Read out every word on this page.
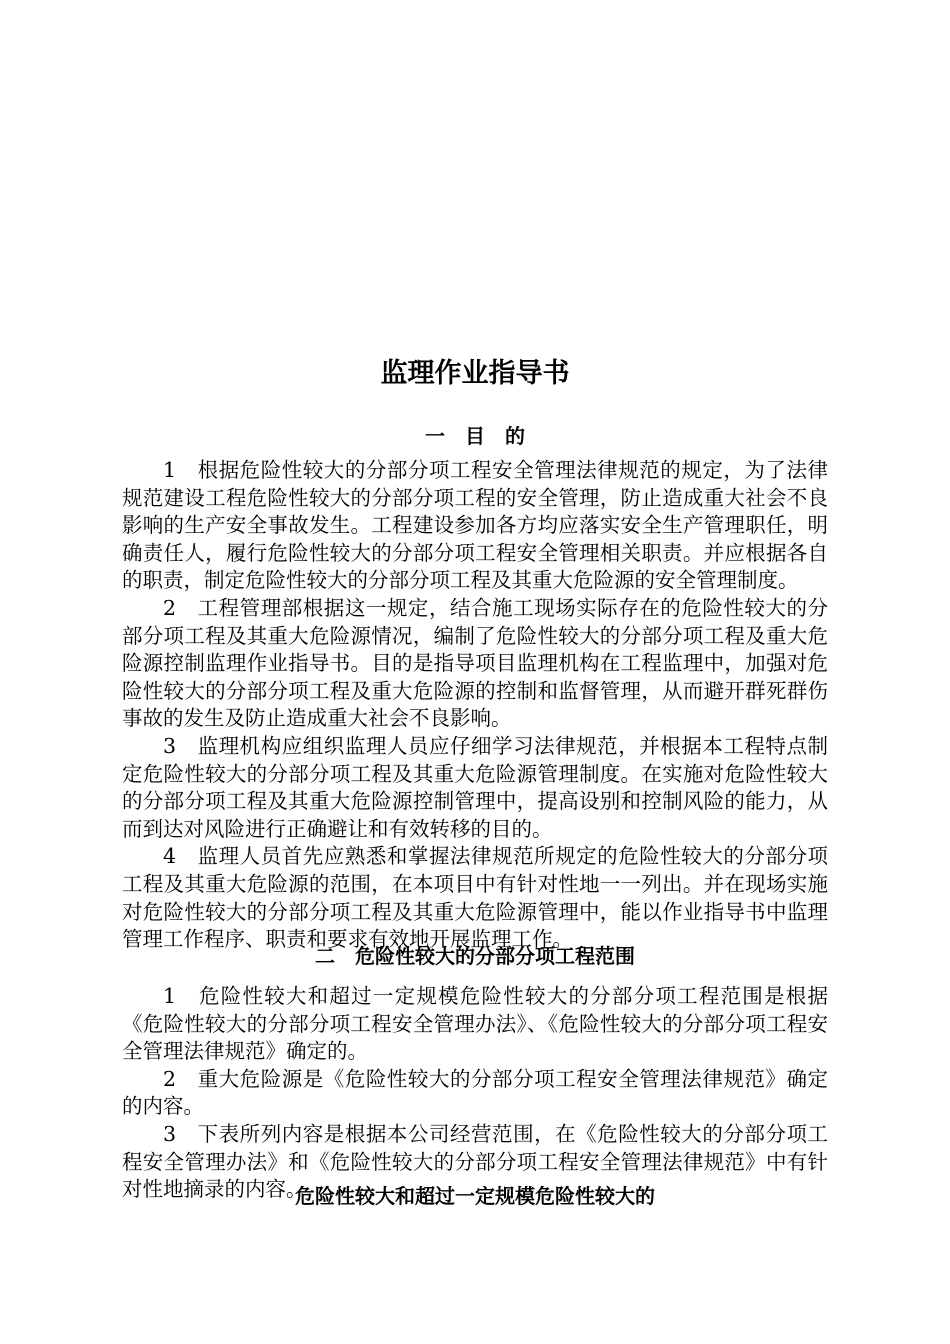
监理作业指导书
一　目　的

1　根据危险性较大的分部分项工程安全管理法律规范的规定，为了法律规范建设工程危险性较大的分部分项工程的安全管理，防止造成重大社会不良影响的生产安全事故发生。工程建设参加各方均应落实安全生产管理职任，明确责任人，履行危险性较大的分部分项工程安全管理相关职责。并应根据各自的职责，制定危险性较大的分部分项工程及其重大危险源的安全管理制度。

2　工程管理部根据这一规定，结合施工现场实际存在的危险性较大的分部分项工程及其重大危险源情况，编制了危险性较大的分部分项工程及重大危险源控制监理作业指导书。目的是指导项目监理机构在工程监理中，加强对危险性较大的分部分项工程及重大危险源的控制和监督管理，从而避开群死群伤事故的发生及防止造成重大社会不良影响。

3　监理机构应组织监理人员应仔细学习法律规范，并根据本工程特点制定危险性较大的分部分项工程及其重大危险源管理制度。在实施对危险性较大的分部分项工程及其重大危险源控制管理中，提高设别和控制风险的能力，从而到达对风险进行正确避让和有效转移的目的。

4　监理人员首先应熟悉和掌握法律规范所规定的危险性较大的分部分项工程及其重大危险源的范围，在本项目中有针对性地一一列出。并在现场实施对危险性较大的分部分项工程及其重大危险源管理中，能以作业指导书中监理管理工作程序、职责和要求有效地开展监理工作。

二　危险性较大的分部分项工程范围

1　危险性较大和超过一定规模危险性较大的分部分项工程范围是根据《危险性较大的分部分项工程安全管理办法》、《危险性较大的分部分项工程安全管理法律规范》确定的。

2　重大危险源是《危险性较大的分部分项工程安全管理法律规范》确定的内容。

3　下表所列内容是根据本公司经营范围，在《危险性较大的分部分项工程安全管理办法》和《危险性较大的分部分项工程安全管理法律规范》中有针对性地摘录的内容。

危险性较大和超过一定规模危险性较大的
